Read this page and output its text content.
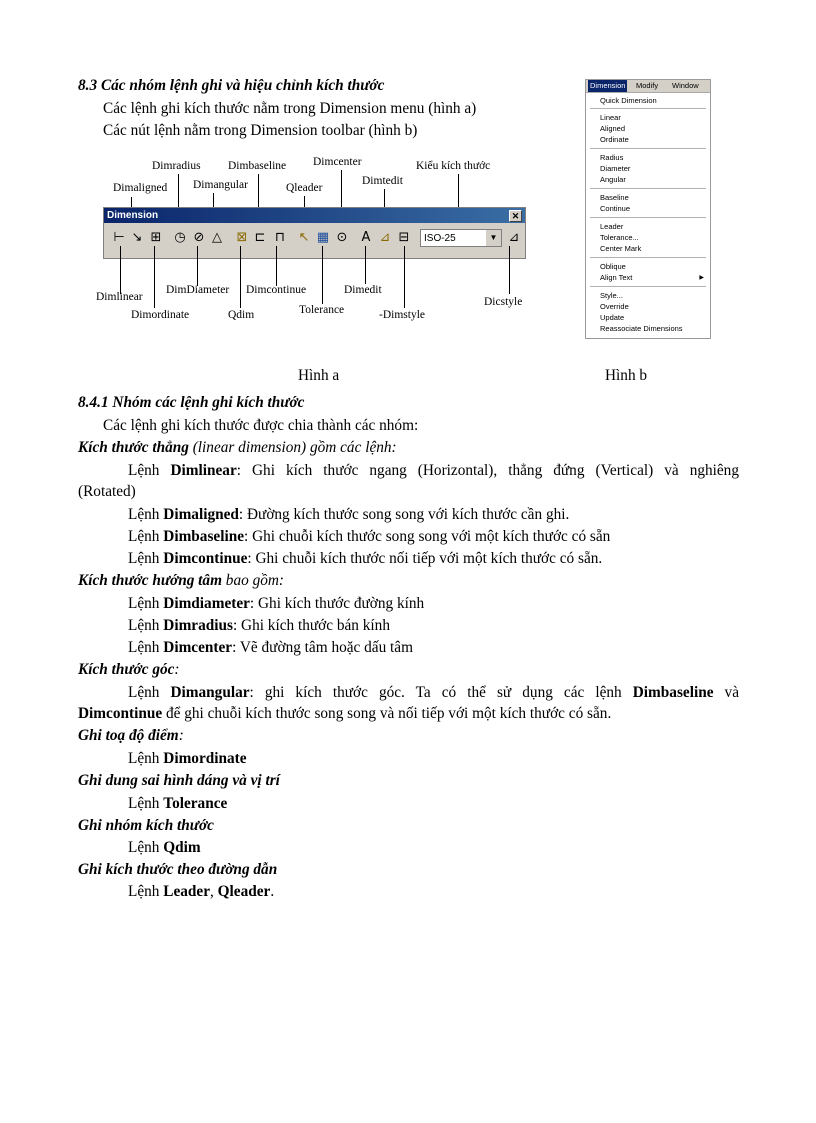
8.3 Các nhóm lệnh ghi và hiệu chỉnh kích thước
Các lệnh ghi kích thước nằm trong Dimension menu (hình a)
Các nút lệnh nằm trong Dimension toolbar (hình b)
Dimradius Dimbaseline Dimcenter	Kiểu kích thước
Dimaligned Dimangular	Qleader
Dimtedit
Dimension	✕
⊢ ↘ ⊞ ◷ ⊘ △ ⊠ ⊏ ⊓ ↖ ▦ ⊙ A ⊿ ⊟	ISO-25	▼ ⊿
Dimlinear
DimDiameter Dimcontinue	Dimedit
Dicstyle
Dimordinate	Qdim	Tolerance	-Dimstyle
Dimension Modify Window
Quick Dimension
Linear
Aligned
Ordinate
Radius
Diameter
Angular
Baseline
Continue
Leader
Tolerance...
Center Mark
Oblique
Align Text	▶
Style...
Override
Update
Reassociate Dimensions
Hình a	Hình b
8.4.1 Nhóm các lệnh ghi kích thước
Các lệnh ghi kích thước được chia thành các nhóm:
Kích thước thẳng (linear dimension) gồm các lệnh:
Lệnh Dimlinear: Ghi kích thước ngang (Horizontal), thẳng đứng (Vertical) và nghiêng
(Rotated)
Lệnh Dimaligned: Đường kích thước song song với kích thước cần ghi.
Lệnh Dimbaseline: Ghi chuỗi kích thước song song với một kích thước có sẵn
Lệnh Dimcontinue: Ghi chuỗi kích thước nối tiếp với một kích thước có sẵn.
Kích thước hướng tâm bao gồm:
Lệnh Dimdiameter: Ghi kích thước đường kính
Lệnh Dimradius: Ghi kích thước bán kính
Lệnh Dimcenter: Vẽ đường tâm hoặc dấu tâm
Kích thước góc:
Lệnh Dimangular: ghi kích thước góc. Ta có thể sử dụng các lệnh Dimbaseline và
Dimcontinue để ghi chuỗi kích thước song song và nối tiếp với một kích thước có sẵn.
Ghi toạ độ điểm:
Lệnh Dimordinate
Ghi dung sai hình dáng và vị trí
Lệnh Tolerance
Ghi nhóm kích thước
Lệnh Qdim
Ghi kích thước theo đường dẫn
Lệnh Leader, Qleader.
